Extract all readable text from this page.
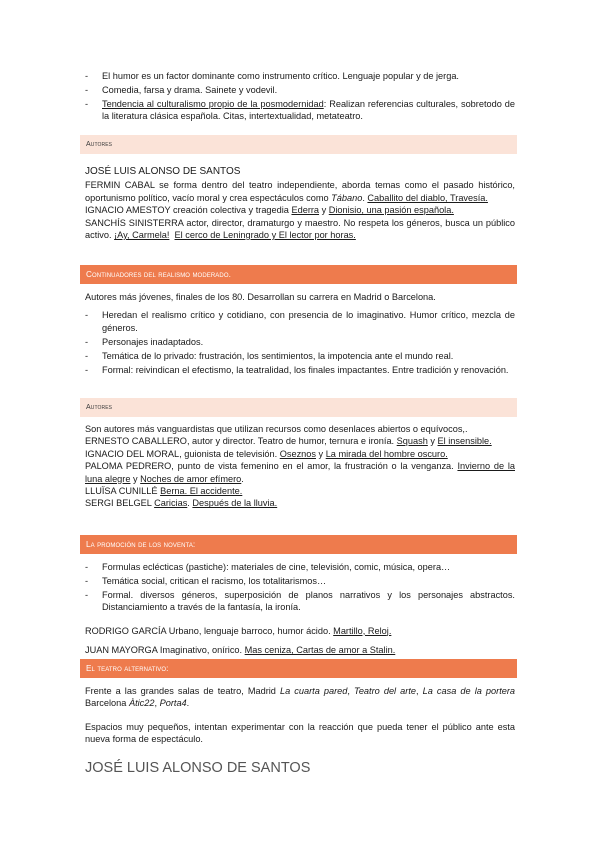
- El humor es un factor dominante como instrumento crítico. Lenguaje popular y de jerga.
- Comedia, farsa y drama. Sainete y vodevil.
- Tendencia al culturalismo propio de la posmodernidad: Realizan referencias culturales, sobretodo de la literatura clásica española. Citas, intertextualidad, metateatro.
Autores

JOSÉ LUIS ALONSO DE SANTOS

FERMIN CABAL se forma dentro del teatro independiente, aborda temas como el pasado histórico, oportunismo político, vacío moral y crea espectáculos como Tábano. Caballito del diablo, Travesía.

IGNACIO AMESTOY creación colectiva y tragedia Ederra y Dionisio, una pasión española.

SANCHÍS SINISTERRA actor, director, dramaturgo y maestro. No respeta los géneros, busca un público activo. ¡Ay, Carmela! El cerco de Leningrado y El lector por horas.

Continuadores del realismo moderado.

Autores más jóvenes, finales de los 80. Desarrollan su carrera en Madrid o Barcelona.

- Heredan el realismo crítico y cotidiano, con presencia de lo imaginativo. Humor crítico, mezcla de géneros.
- Personajes inadaptados.
- Temática de lo privado: frustración, los sentimientos, la impotencia ante el mundo real.
- Formal: reivindican el efectismo, la teatralidad, los finales impactantes. Entre tradición y renovación.
Autores

Son autores más vanguardistas que utilizan recursos como desenlaces abiertos o equívocos,.

ERNESTO CABALLERO, autor y director. Teatro de humor, ternura e ironía. Squash y El insensible.

IGNACIO DEL MORAL, guionista de televisión. Oseznos y La mirada del hombre oscuro.

PALOMA PEDRERO, punto de vista femenino en el amor, la frustración o la venganza. Invierno de la luna alegre y Noches de amor efímero.

LLUÏSA CUNILLÉ Berna. El accidente.

SERGI BELGEL Caricias. Después de la lluvia.

La promoción de los noventa:
- Formulas eclécticas (pastiche): materiales de cine, televisión, comic, música, opera…
- Temática social, critican el racismo, los totalitarismos…
- Formal. diversos géneros, superposición de planos narrativos y los personajes abstractos. Distanciamiento a través de la fantasía, la ironía.

RODRIGO GARCÍA Urbano, lenguaje barroco, humor ácido. Martillo, Reloj.

JUAN MAYORGA Imaginativo, onírico. Mas ceniza, Cartas de amor a Stalin.

El teatro alternativo:

Frente a las grandes salas de teatro, Madrid La cuarta pared, Teatro del arte, La casa de la portera Barcelona Àtic22, Porta4.

Espacios muy pequeños, intentan experimentar con la reacción que pueda tener el público ante esta nueva forma de espectáculo.

JOSÉ LUIS ALONSO DE SANTOS
